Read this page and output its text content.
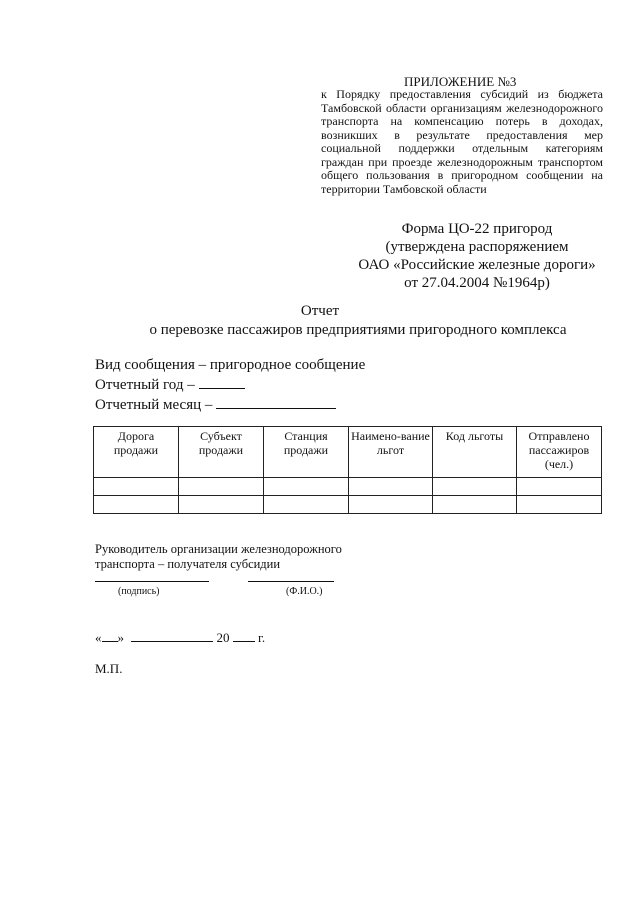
ПРИЛОЖЕНИЕ №3
к Порядку предоставления субсидий из бюджета Тамбовской области организациям железнодорожного транспорта на компенсацию потерь в доходах, возникших в результате предоставления мер социальной поддержки отдельным категориям граждан при проезде железнодорожным транспортом общего пользования в пригородном сообщении на территории Тамбовской области
Форма ЦО-22 пригород
(утверждена распоряжением
ОАО «Российские железные дороги»
от 27.04.2004 №1964р)
Отчет
о перевозке пассажиров предприятиями пригородного комплекса
Вид сообщения – пригородное сообщение
Отчетный год –
Отчетный месяц –
Дорога продажи	Субъект продажи	Станция продажи	Наимено-вание льгот	Код льготы	Отправлено пассажиров (чел.)

Руководитель организации железнодорожного
транспорта – получателя субсидии
(подпись)	(Ф.И.О.)
« »	20 г.
М.П.
